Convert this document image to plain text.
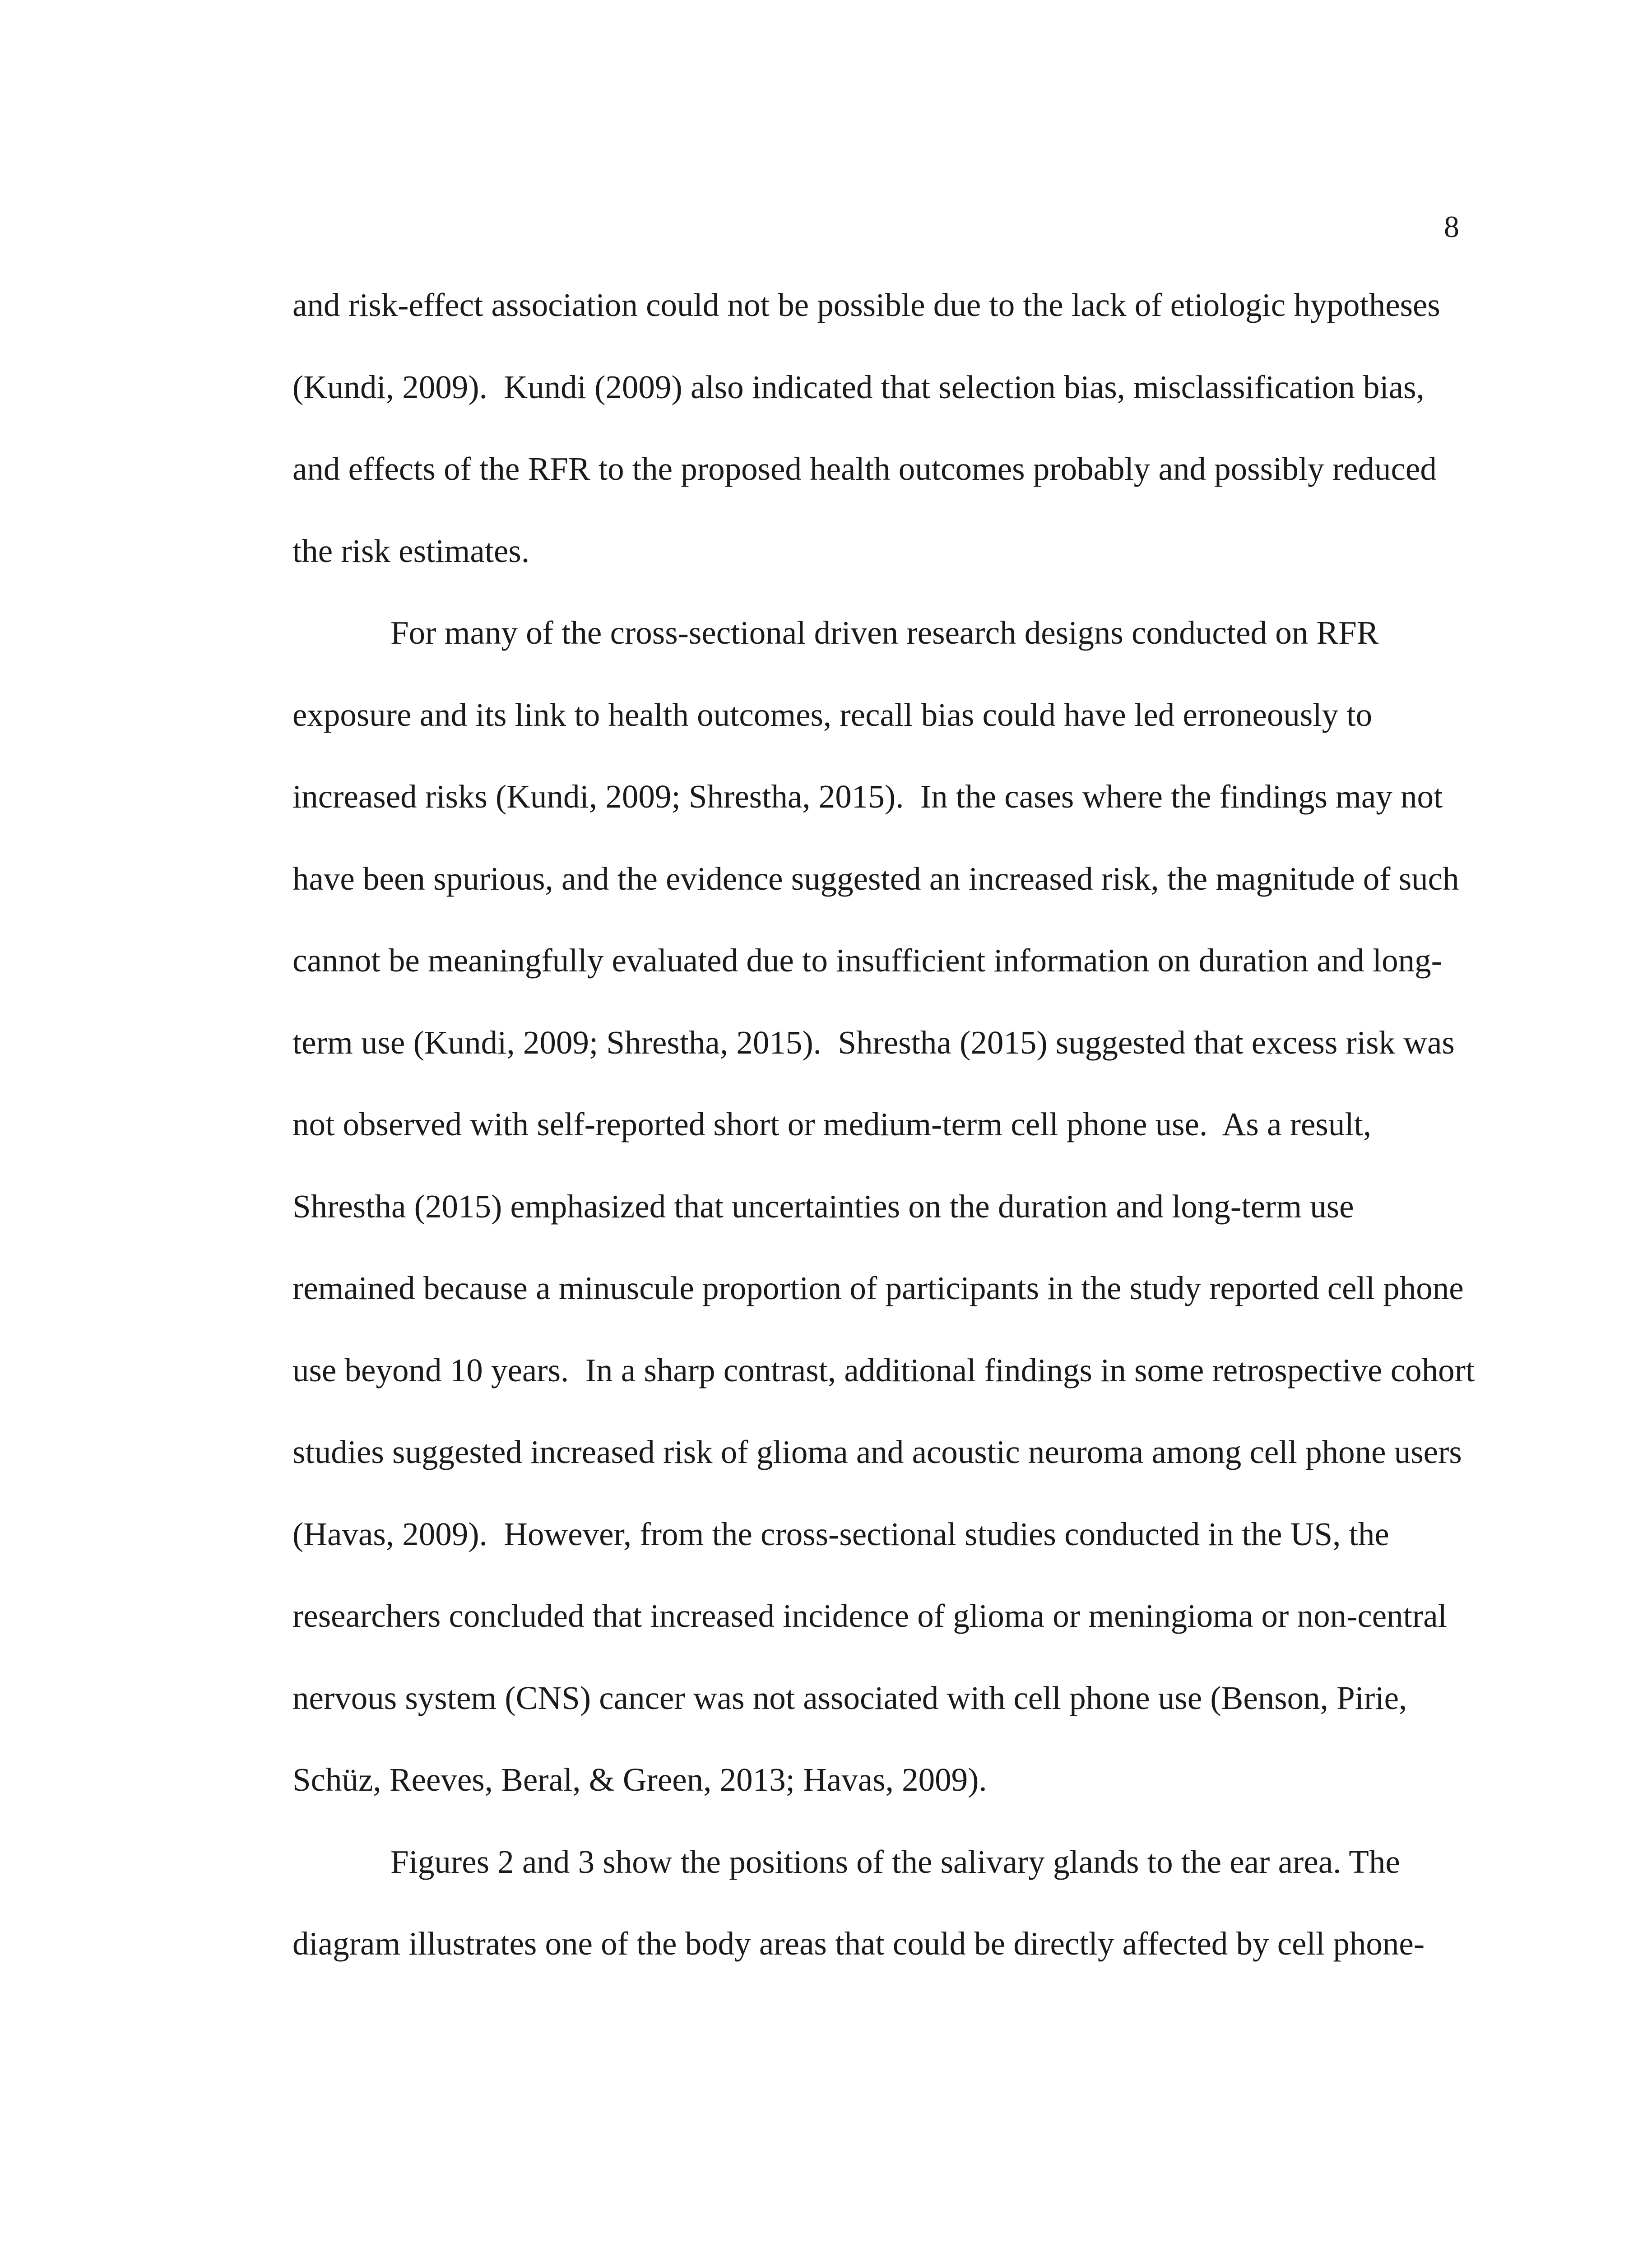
8
and risk-effect association could not be possible due to the lack of etiologic hypotheses
(Kundi, 2009).  Kundi (2009) also indicated that selection bias, misclassification bias,
and effects of the RFR to the proposed health outcomes probably and possibly reduced
the risk estimates.
For many of the cross-sectional driven research designs conducted on RFR
exposure and its link to health outcomes, recall bias could have led erroneously to
increased risks (Kundi, 2009; Shrestha, 2015).  In the cases where the findings may not
have been spurious, and the evidence suggested an increased risk, the magnitude of such
cannot be meaningfully evaluated due to insufficient information on duration and long-
term use (Kundi, 2009; Shrestha, 2015).  Shrestha (2015) suggested that excess risk was
not observed with self-reported short or medium-term cell phone use.  As a result,
Shrestha (2015) emphasized that uncertainties on the duration and long-term use
remained because a minuscule proportion of participants in the study reported cell phone
use beyond 10 years.  In a sharp contrast, additional findings in some retrospective cohort
studies suggested increased risk of glioma and acoustic neuroma among cell phone users
(Havas, 2009).  However, from the cross-sectional studies conducted in the US, the
researchers concluded that increased incidence of glioma or meningioma or non-central
nervous system (CNS) cancer was not associated with cell phone use (Benson, Pirie,
Schüz, Reeves, Beral, & Green, 2013; Havas, 2009).
Figures 2 and 3 show the positions of the salivary glands to the ear area. The
diagram illustrates one of the body areas that could be directly affected by cell phone-
